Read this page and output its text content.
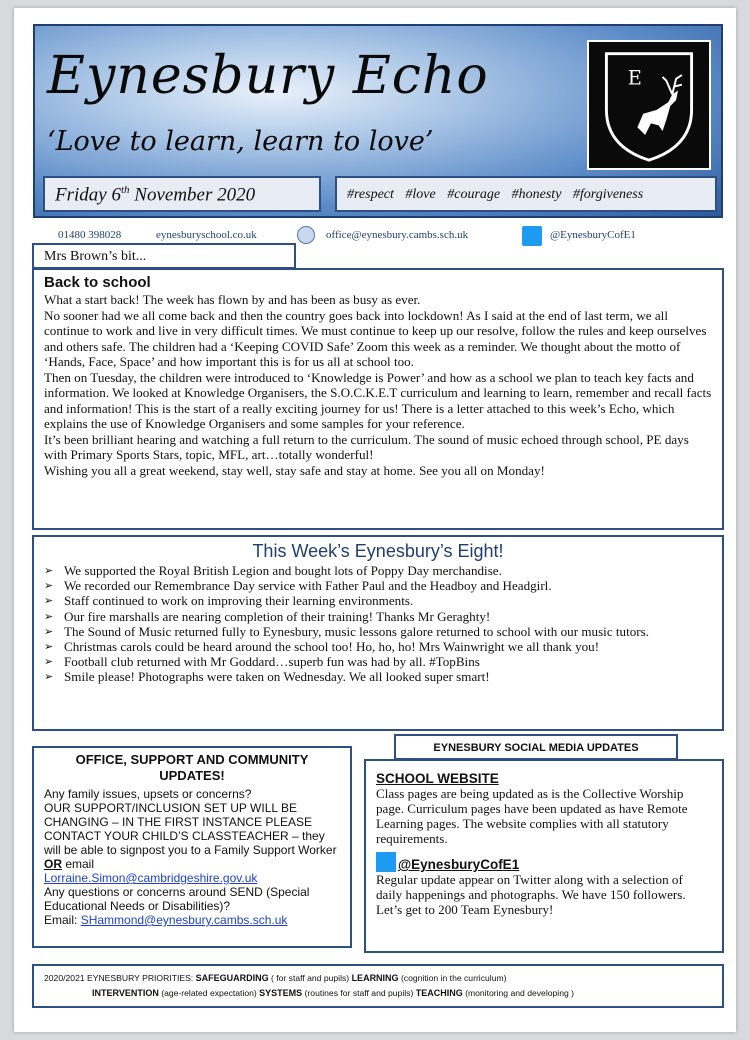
Eynesbury Echo
‘Love to learn, learn to love’
Friday 6th November 2020	#respect #love #courage #honesty #forgiveness
E
01480 398028	eynesburyschool.co.uk	office@eynesbury.cambs.sch.uk	@EynesburyCofE1
Mrs Brown’s bit...
Back to school

What a start back! The week has flown by and has been as busy as ever.

No sooner had we all come back and then the country goes back into lockdown! As I said at the end of last term, we all continue to work and live in very difficult times. We must continue to keep up our resolve, follow the rules and keep ourselves and others safe. The children had a ‘Keeping COVID Safe’ Zoom this week as a reminder. We thought about the motto of ‘Hands, Face, Space’ and how important this is for us all at school too.

Then on Tuesday, the children were introduced to ‘Knowledge is Power’ and how as a school we plan to teach key facts and information. We looked at Knowledge Organisers, the S.O.C.K.E.T curriculum and learning to learn, remember and recall facts and information! This is the start of a really exciting journey for us! There is a letter attached to this week’s Echo, which explains the use of Knowledge Organisers and some samples for your reference.

It’s been brilliant hearing and watching a full return to the curriculum. The sound of music echoed through school, PE days with Primary Sports Stars, topic, MFL, art…totally wonderful!

Wishing you all a great weekend, stay well, stay safe and stay at home. See you all on Monday!

This Week’s Eynesbury’s Eight!
➢ We supported the Royal British Legion and bought lots of Poppy Day merchandise.
➢ We recorded our Remembrance Day service with Father Paul and the Headboy and Headgirl.
➢ Staff continued to work on improving their learning environments.
➢ Our fire marshalls are nearing completion of their training! Thanks Mr Geraghty!
➢ The Sound of Music returned fully to Eynesbury, music lessons galore returned to school with our music tutors.
➢ Christmas carols could be heard around the school too! Ho, ho, ho! Mrs Wainwright we all thank you!
➢ Football club returned with Mr Goddard…superb fun was had by all. #TopBins
➢ Smile please! Photographs were taken on Wednesday. We all looked super smart!
OFFICE, SUPPORT AND COMMUNITY UPDATES!

Any family issues, upsets or concerns?

OUR SUPPORT/INCLUSION SET UP WILL BE CHANGING – IN THE FIRST INSTANCE PLEASE CONTACT YOUR CHILD’S CLASSTEACHER – they will be able to signpost you to a Family Support Worker OR email

Lorraine.Simon@cambridgeshire.gov.uk

Any questions or concerns around SEND (Special Educational Needs or Disabilities)?

Email: SHammond@eynesbury.cambs.sch.uk

EYNESBURY SOCIAL MEDIA UPDATES
SCHOOL WEBSITE

Class pages are being updated as is the Collective Worship page. Curriculum pages have been updated as have Remote Learning pages. The website complies with all statutory requirements.

@EynesburyCofE1

Regular update appear on Twitter along with a selection of daily happenings and photographs. We have 150 followers. Let’s get to 200 Team Eynesbury!

2020/2021 EYNESBURY PRIORITIES: SAFEGUARDING ( for staff and pupils) LEARNING (cognition in the curriculum)
INTERVENTION (age-related expectation) SYSTEMS (routines for staff and pupils) TEACHING (monitoring and developing )
